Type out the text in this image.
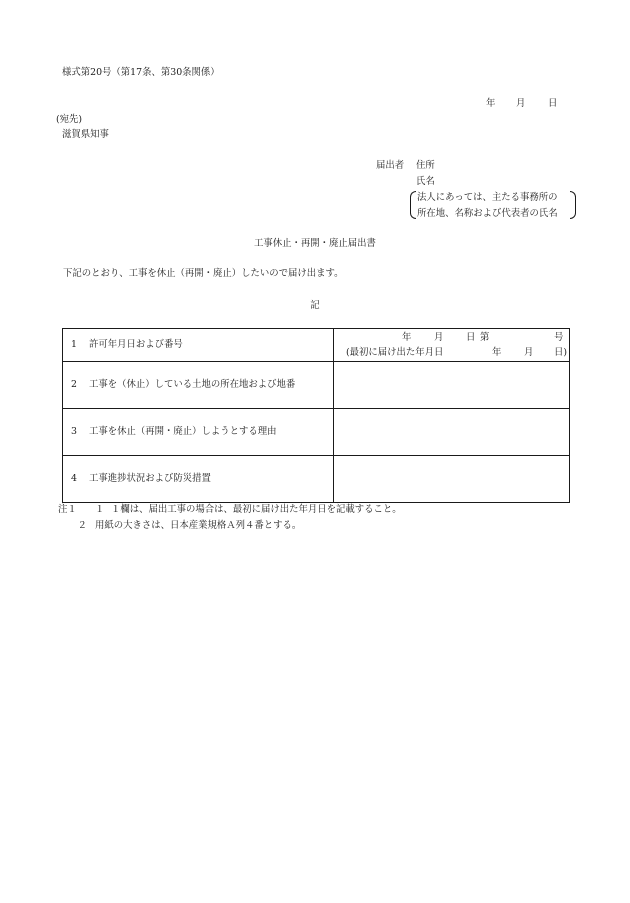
様式第20号（第17条、第30条関係）
年 月 日
(宛先)
滋賀県知事
届出者 住所
氏名
法人にあっては、主たる事務所の
所在地、名称および代表者の氏名
工事休止・再開・廃止届出書
下記のとおり、工事を休止（再開・廃止）したいので届け出ます。
記
1 許可年月日および番号	年 月 日 第 号
(最初に届け出た年月日 年 月 日)

2 工事を（休止）している土地の所在地および地番	
3 工事を休止（再開・廃止）しようとする理由	
4 工事進捗状況および防災措置	
注１ １ １欄は、届出工事の場合は、最初に届け出た年月日を記載すること。
２ 用紙の大きさは、日本産業規格Ａ列４番とする。
